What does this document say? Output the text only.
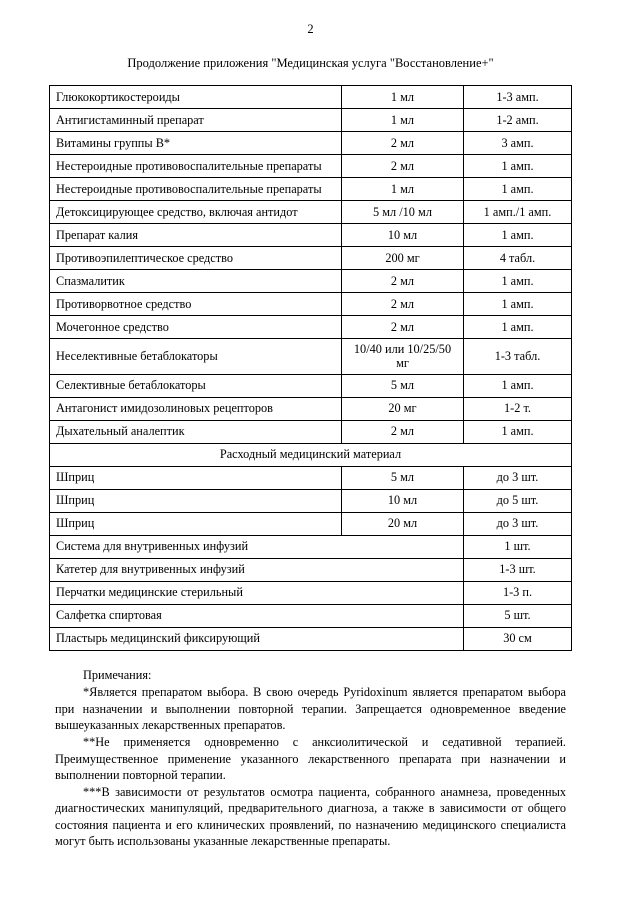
2
Продолжение приложения "Медицинская услуга "Восстановление+"
Глюкокортикостероиды	1 мл	1-3 амп.
Антигистаминный препарат	1 мл	1-2 амп.
Витамины группы В*	2 мл	3 амп.
Нестероидные противовоспалительные препараты	2 мл	1 амп.
Нестероидные противовоспалительные препараты	1 мл	1 амп.
Детоксицирующее средство, включая антидот	5 мл /10 мл	1 амп./1 амп.
Препарат калия	10 мл	1 амп.
Противоэпилептическое средство	200 мг	4 табл.
Спазмалитик	2 мл	1 амп.
Противорвотное средство	2 мл	1 амп.
Мочегонное средство	2 мл	1 амп.
Неселективные бетаблокаторы	10/40 или 10/25/50 мг	1-3 табл.
Селективные бетаблокаторы	5 мл	1 амп.
Антагонист имидозолиновых рецепторов	20 мг	1-2 т.
Дыхательный аналептик	2 мл	1 амп.
Расходный медицинский материал		
Шприц	5 мл	до 3 шт.
Шприц	10 мл	до 5 шт.
Шприц	20 мл	до 3 шт.
Система для внутривенных инфузий		1 шт.
Катетер для внутривенных инфузий		1-3 шт.
Перчатки медицинские стерильный		1-3 п.
Салфетка спиртовая		5 шт.
Пластырь медицинский фиксирующий		30 см
Примечания:

*Является препаратом выбора. В свою очередь Pyridoxinum является препаратом выбора при назначении и выполнении повторной терапии. Запрещается одновременное введение вышеуказанных лекарственных препаратов.

**Не применяется одновременно с анксиолитической и седативной терапией. Преимущественное применение указанного лекарственного препарата при назначении и выполнении повторной терапии.

***В зависимости от результатов осмотра пациента, собранного анамнеза, проведенных диагностических манипуляций, предварительного диагноза, а также в зависимости от общего состояния пациента и его клинических проявлений, по назначению медицинского специалиста могут быть использованы указанные лекарственные препараты.
